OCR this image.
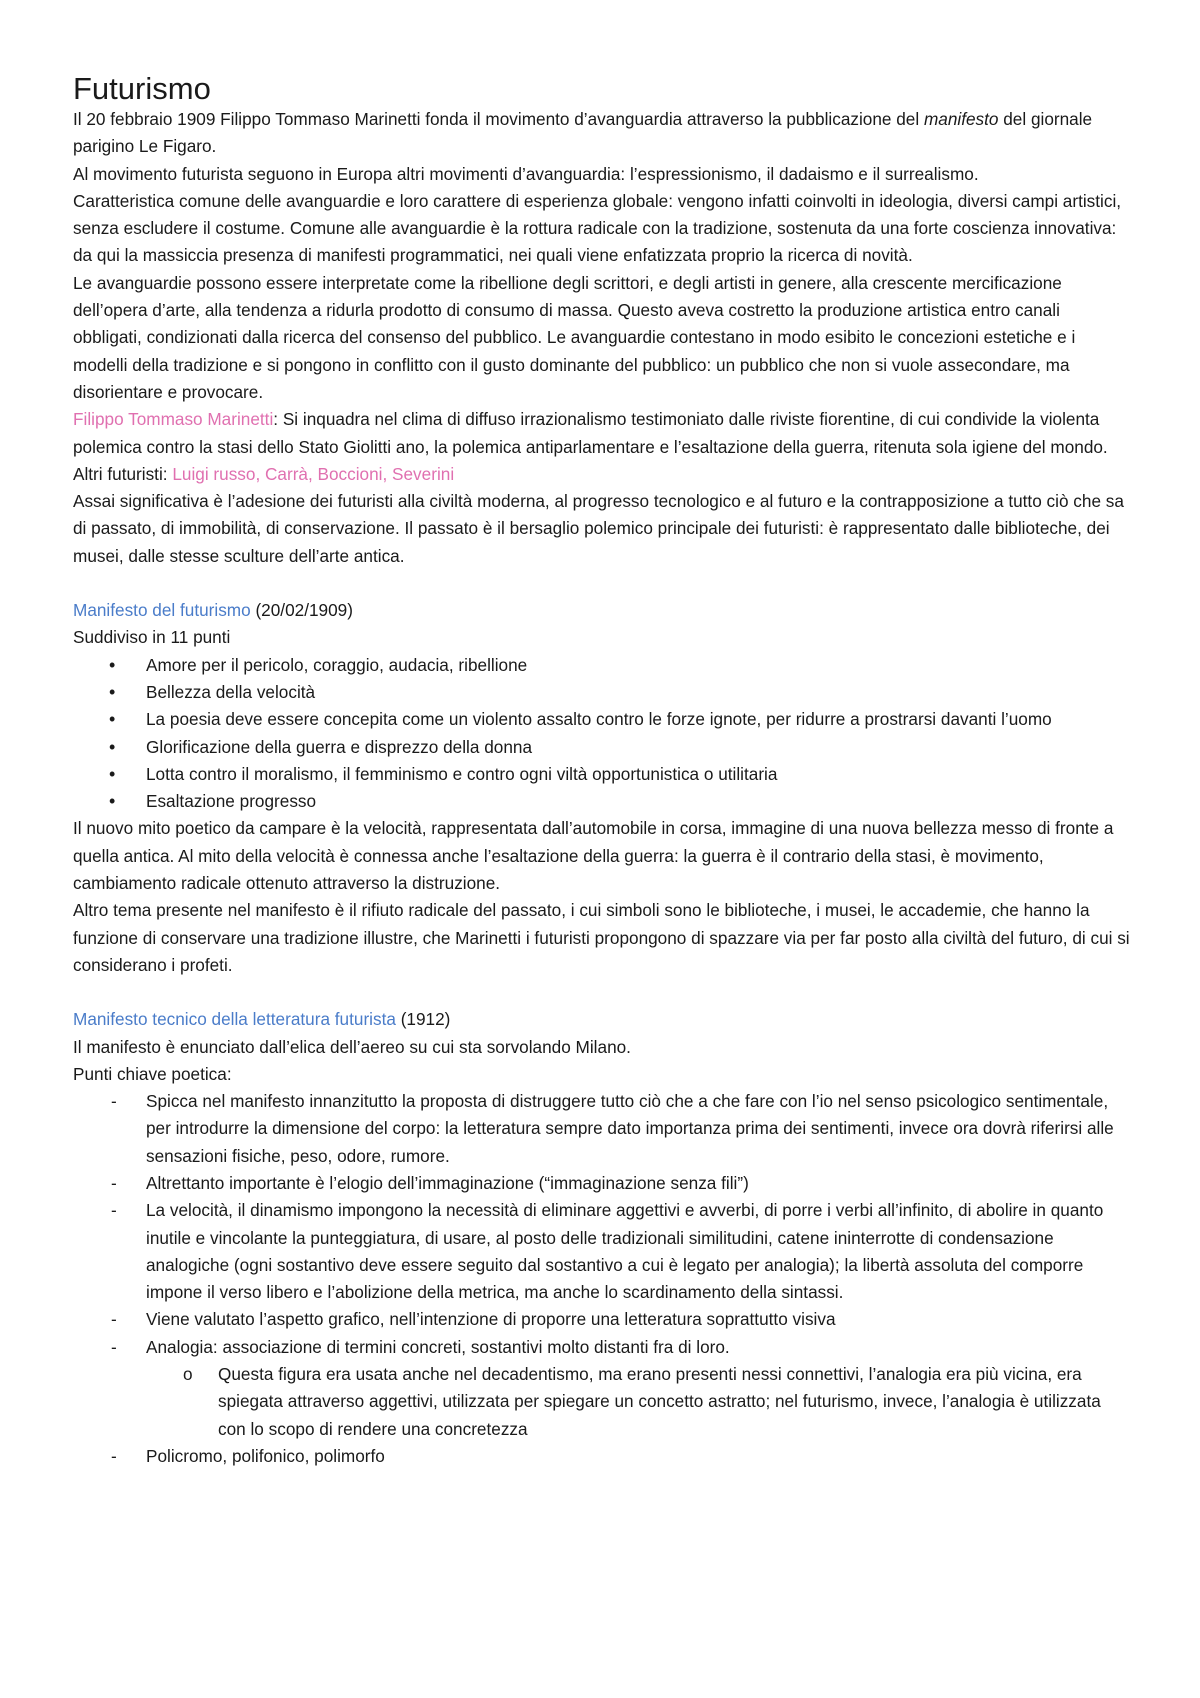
Futurismo

Il 20 febbraio 1909 Filippo Tommaso Marinetti fonda il movimento d’avanguardia attraverso la pubblicazione del manifesto del giornale parigino Le Figaro.

Al movimento futurista seguono in Europa altri movimenti d’avanguardia: l’espressionismo, il dadaismo e il surrealismo.

Caratteristica comune delle avanguardie e loro carattere di esperienza globale: vengono infatti coinvolti in ideologia, diversi campi artistici, senza escludere il costume. Comune alle avanguardie è la rottura radicale con la tradizione, sostenuta da una forte coscienza innovativa: da qui la massiccia presenza di manifesti programmatici, nei quali viene enfatizzata proprio la ricerca di novità.

Le avanguardie possono essere interpretate come la ribellione degli scrittori, e degli artisti in genere, alla crescente mercificazione dell’opera d’arte, alla tendenza a ridurla prodotto di consumo di massa. Questo aveva costretto la produzione artistica entro canali obbligati, condizionati dalla ricerca del consenso del pubblico. Le avanguardie contestano in modo esibito le concezioni estetiche e i modelli della tradizione e si pongono in conflitto con il gusto dominante del pubblico: un pubblico che non si vuole assecondare, ma disorientare e provocare.

Filippo Tommaso Marinetti: Si inquadra nel clima di diffuso irrazionalismo testimoniato dalle riviste fiorentine, di cui condivide la violenta polemica contro la stasi dello Stato Giolitti ano, la polemica antiparlamentare e l’esaltazione della guerra, ritenuta sola igiene del mondo.

Altri futuristi: Luigi russo, Carrà, Boccioni, Severini

Assai significativa è l’adesione dei futuristi alla civiltà moderna, al progresso tecnologico e al futuro e la contrapposizione a tutto ciò che sa di passato, di immobilità, di conservazione. Il passato è il bersaglio polemico principale dei futuristi: è rappresentato dalle biblioteche, dei musei, dalle stesse sculture dell’arte antica.

Manifesto del futurismo (20/02/1909)

Suddiviso in 11 punti

•	Amore per il pericolo, coraggio, audacia, ribellione
•	Bellezza della velocità
•	La poesia deve essere concepita come un violento assalto contro le forze ignote, per ridurre a prostrarsi davanti l’uomo
•	Glorificazione della guerra e disprezzo della donna
•	Lotta contro il moralismo, il femminismo e contro ogni viltà opportunistica o utilitaria
•	Esaltazione progresso

Il nuovo mito poetico da campare è la velocità, rappresentata dall’automobile in corsa, immagine di una nuova bellezza messo di fronte a quella antica. Al mito della velocità è connessa anche l’esaltazione della guerra: la guerra è il contrario della stasi, è movimento, cambiamento radicale ottenuto attraverso la distruzione.

Altro tema presente nel manifesto è il rifiuto radicale del passato, i cui simboli sono le biblioteche, i musei, le accademie, che hanno la funzione di conservare una tradizione illustre, che Marinetti i futuristi propongono di spazzare via per far posto alla civiltà del futuro, di cui si considerano i profeti.

Manifesto tecnico della letteratura futurista (1912)

Il manifesto è enunciato dall’elica dell’aereo su cui sta sorvolando Milano.

Punti chiave poetica:

-	Spicca nel manifesto innanzitutto la proposta di distruggere tutto ciò che a che fare con l’io nel senso psicologico sentimentale, per introdurre la dimensione del corpo: la letteratura sempre dato importanza prima dei sentimenti, invece ora dovrà riferirsi alle sensazioni fisiche, peso, odore, rumore.
-	Altrettanto importante è l’elogio dell’immaginazione (“immaginazione senza fili”)
-	La velocità, il dinamismo impongono la necessità di eliminare aggettivi e avverbi, di porre i verbi all’infinito, di abolire in quanto inutile e vincolante la punteggiatura, di usare, al posto delle tradizionali similitudini, catene ininterrotte di condensazione analogiche (ogni sostantivo deve essere seguito dal sostantivo a cui è legato per analogia); la libertà assoluta del comporre impone il verso libero e l’abolizione della metrica, ma anche lo scardinamento della sintassi.
-	Viene valutato l’aspetto grafico, nell’intenzione di proporre una letteratura soprattutto visiva
-	Analogia: associazione di termini concreti, sostantivi molto distanti fra di loro.
o Questa figura era usata anche nel decadentismo, ma erano presenti nessi connettivi, l’analogia era più vicina, era spiegata attraverso aggettivi, utilizzata per spiegare un concetto astratto; nel futurismo, invece, l’analogia è utilizzata con lo scopo di rendere una concretezza
-	Policromo, polifonico, polimorfo
